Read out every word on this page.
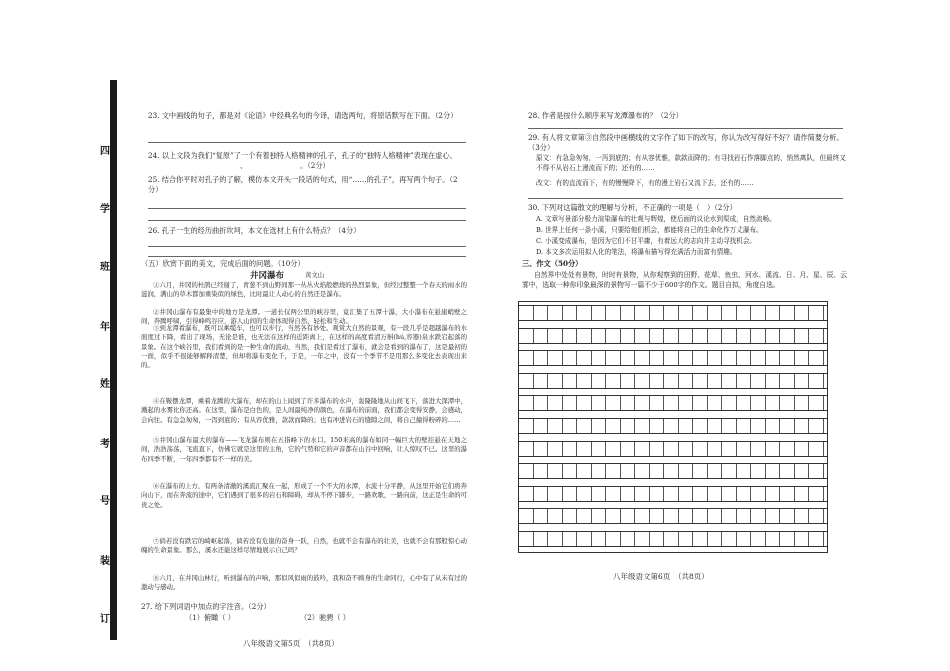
四
学
班
年
姓
考
号
装
订
23. 文中画线的句子，都是对《论语》中经典名句的今译，请选两句，将原话默写在下面。（2分）
24. 以上文段为我们“复原”了一个有着独特人格精神的孔子，孔子的“独特人格精神”表现在虚心、
、	。（2分）
25. 结合你平时对孔子的了解，模仿本文开头一段话的句式，用“……的孔子”，再写两个句子。（2分）
26. 孔子一生的经历曲折坎坷，本文在选材上有什么特点？（4分）
（五）欣赏下面的美文，完成后面的问题。（10分）
井冈瀑布	黄文山
①六月，井冈的杜鹃已经谢了，青葱不到山野间那一丛丛火焰般燃烧的热烈景象，但经过整整一个春天的雨水的滋润，满山的草木都加重染似的绿色，比时最让人动心的自然还是瀑布。
②井冈山瀑布有最集中的地方是龙潭。一道长仅两公里的峡谷里，竟汇集了五潭十瀑，大小瀑布在悬崖峭壁之间，奔腾呼啸，引得峰鸣谷应，游人山间的生命体现得自然，轻松和生动。
③到龙潭看瀑布，既可以乘缆车，也可以步行，当然各有妙处。观赏大自然的景观，有一段几乎是超越瀑布的水面度过下降，看出了现场，无论是谁，也无法在这样的近距离上，在这样的高度看清万斛(hú,容器)泉水跌宕起落的景象。在这个峡谷里，我们看到的是一种生命的流动，当然，我们是看过了瀑布，就会是看到的瀑布了，这是最初的一面，似乎不很能够解释清楚，但却将瀑布变化千，于是，一年之中，没有一个季节不是用那么多变化去表现出来的。
④在鞍摆龙潭，乘着龙腾的大瀑布，却在的山上闻到了许多瀑布的水声，轰隆隆地从山间飞下，落进大深潭中，溅起的水雾比你还高。在这里，瀑布是白色的，是人间最纯净的颜色，在瀑布的前面，我们都会变得安静，会感动，会向往。有急急匆匆，一泻到底的；有从容优雅，款款而降的；也有冲进岩石的缝隙之间，将自己撞得粉碎的……
⑤井冈山瀑布最大的瀑布——飞龙瀑布则在五指峰下的水口。150米高的瀑布如同一幅巨大的壁挂悬在天地之间，浩浩荡荡，飞流直下，仿佛它就是这里的主角，它的气势和它的声音都在山谷中回响，让人惊叹不已。这里的瀑布四季不断，一年四季都有不一样的美。
⑥在瀑布的上方，有两条清澈的溪流汇聚在一起，形成了一个不大的水潭，水流十分平静，从这里开始它们将奔向山下，而在奔流的途中，它们遇到了很多的岩石和障碍，却从不停下脚步，一路欢歌，一路向前，这正是生命的可贵之处。
⑦倘若没有跌宕的崎岖起落，倘若没有危崖的奋身一跃，自然，也就不会有瀑布的壮美，也就不会有那般惊心动魄的生命景象。那么，溪水还能这样尽情地展示自己吗？
⑧六月，在井冈山林行，听到瀑布的声响，那似风似雨的鼓吟，我和奋不顾身的生命同行，心中有了从未有过的激动与感动。
27. 给下列词语中加点的字注音。（2分）
（1）俯瞰（ ）	（2）驰骋（ ）
八年级语文第5页　（共8页）
28. 作者是按什么顺序来写龙潭瀑布的？（2分）
29. 有人将文章第③自然段中画横线的文字作了如下的改写，你认为改写得好不好？请作简要分析。（3分）
原文：有急急匆匆，一泻到底的；有从容优雅，款款而降的；有寻找岩石作落脚点的，悄然离队，但最终又不得不从岩石上漫流而下的；还有的……
改文：有的直流而下，有的慢慢降下，有的漫上岩石又流下去，还有的……
30. 下列对这篇散文的理解与分析，不正确的一项是（　）（2分）
A. 文章写景部分极力渲染瀑布的壮观与辉煌，使后面的议论水到渠成，自然流畅。
B. 世界上任何一条小溪，只要给他们机会，都能将自己的生命化作万丈瀑布。
C. 小溪变成瀑布，是因为它们不甘平庸，有着远大的志向并主动寻找机会。
D. 本文多次运用拟人化的笔法，将瀑布描写得充满活力而富有情趣。
三、作文（50分）
自然界中处处有景物，时时有景物，从你观察到的田野、花草、鱼虫、河水、溪流、日、月、星、辰、云雾中，选取一种你印象最深的景物写一篇不少于600字的作文。题目自拟，角度自选。
八年级语文第6页　（共8页）
